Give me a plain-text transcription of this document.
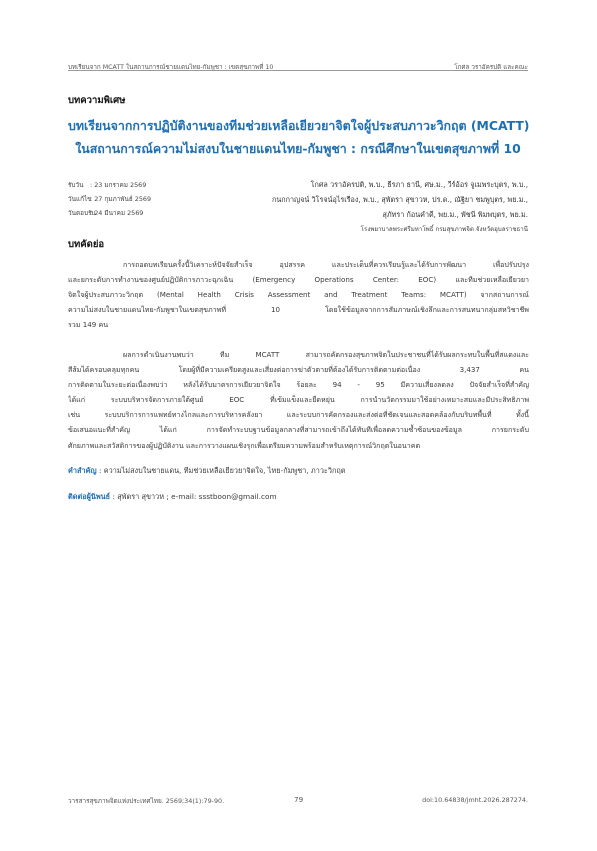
บทเรียนจาก MCATT ในสถานการณ์ชายแดนไทย-กัมพูชา : เขตสุขภาพที่ 10	โกศล วราอัครปติ และคณะ
บทความพิเศษ
บทเรียนจากการปฏิบัติงานของทีมช่วยเหลือเยียวยาจิตใจผู้ประสบภาวะวิกฤต (MCATT)
ในสถานการณ์ความไม่สงบในชายแดนไทย-กัมพูชา : กรณีศึกษาในเขตสุขภาพที่ 10
รับวัน : 23 มกราคม 2569
วันแก้ไข : 27 กุมภาพันธ์ 2569
วันตอบรับ : 24 มีนาคม 2569
โกศล วราอัครปติ, พ.บ., ธีรภา ธานี, ศษ.ม., วีร์อ้อร จูเมพระบุตร, พ.บ.,
กนกกาญจน์ วิโรจน์อุไรเรือง, พ.บ., สุพัตรา สุขาวห, ปร.ด., ณัฐิยา ชมพูบุตร, พย.ม.,
สุภัทรา ก้อนคำดี, พย.ม., พัชนี พิมพบุตร, พย.ม.
โรงพยาบาลพระศรีมหาโพธิ์ กรมสุขภาพจิต จังหวัดอุบลราชธานี
บทคัดย่อ
การถอดบทเรียนครั้งนี้วิเคราะห์ปัจจัยสำเร็จ อุปสรรค และประเด็นที่ควรเรียนรู้และได้รับการพัฒนา เพื่อปรับปรุง
และยกระดับการทำงานของศูนย์ปฏิบัติการภาวะฉุกเฉิน (Emergency Operations Center: EOC) และทีมช่วยเหลือเยียวยา
จิตใจผู้ประสบภาวะวิกฤต (Mental Health Crisis Assessment and Treatment Teams: MCATT) จากสถานการณ์
ความไม่สงบในชายแดนไทย-กัมพูชาในเขตสุขภาพที่ 10 โดยใช้ข้อมูลจากการสัมภาษณ์เชิงลึกและการสนทนากลุ่มสหวิชาชีพ
รวม 149 คน
ผลการดำเนินงานพบว่า ทีม MCATT สามารถคัดกรองสุขภาพจิตในประชาชนที่ได้รับผลกระทบในพื้นที่สแดงและ
สีส้มได้ครอบคลุมทุกคน โดยผู้ที่มีความเครียดสูงและเสี่ยงต่อการฆ่าตัวตายที่ต้องได้รับการติดตามต่อเนื่อง 3,437 คน
การติดตามในระยะต่อเนื่องพบว่า หลังได้รับมาตรการเยียวยาจิตใจ ร้อยละ 94 - 95 มีความเสี่ยงลดลง ปัจจัยสำเร็จที่สำคัญ
ได้แก่ ระบบบริหารจัดการภายใต้ศูนย์ EOC ที่เข้มแข็งและยืดหยุ่น การนำนวัตกรรมมาใช้อย่างเหมาะสมและมีประสิทธิภาพ
เช่น ระบบบริการการแพทย์ทางไกลและการบริหารคลังยา และระบบการคัดกรองและส่งต่อที่ชัดเจนและสอดคล้องกับบริบทพื้นที่ ทั้งนี้
ข้อเสนอแนะที่สำคัญ ได้แก่ การจัดทำระบบฐานข้อมูลกลางที่สามารถเข้าถึงได้ทันทีเพื่อลดความซ้ำซ้อนของข้อมูล การยกระดับ
ศักยภาพและสวัสดิการของผู้ปฏิบัติงาน และการวางแผนเชิงรุกเพื่อเตรียมความพร้อมสำหรับเหตุการณ์วิกฤตในอนาคต
คำสำคัญ : ความไม่สงบในชายแดน, ทีมช่วยเหลือเยียวยาจิตใจ, ไทย-กัมพูชา, ภาวะวิกฤต
ติดต่อผู้นิพนธ์ : สุพัตรา สุขาวห ; e-mail: ssstboon@gmail.com
วารสารสุขภาพจิตแห่งประเทศไทย. 2569;34(1):79-90.	79	doi:10.64838/jmht.2026.287274.
